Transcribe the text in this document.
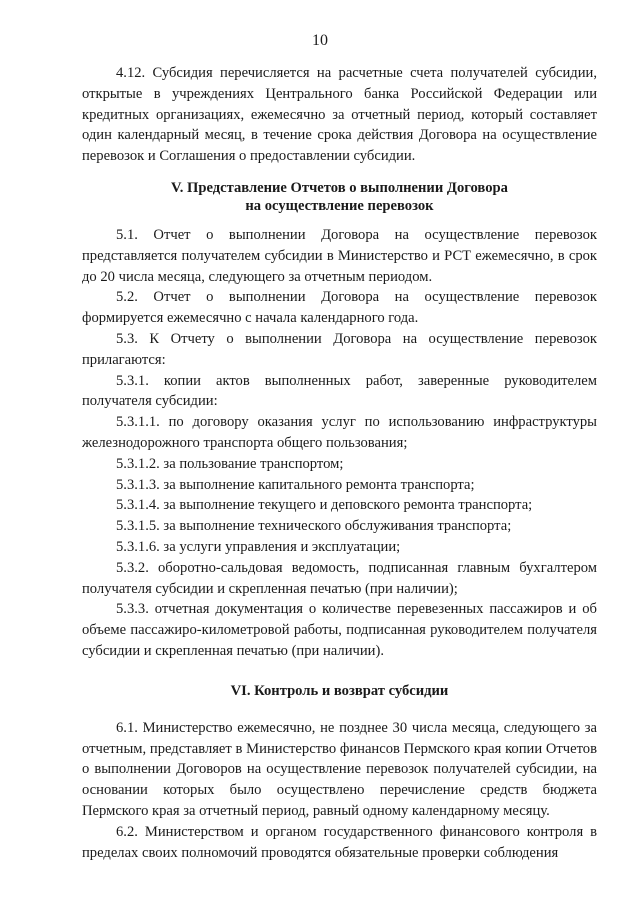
10

4.12. Субсидия перечисляется на расчетные счета получателей субсидии, открытые в учреждениях Центрального банка Российской Федерации или кредитных организациях, ежемесячно за отчетный период, который составляет один календарный месяц, в течение срока действия Договора на осуществление перевозок и Соглашения о предоставлении субсидии.

V. Представление Отчетов о выполнении Договора
на осуществление перевозок

5.1. Отчет о выполнении Договора на осуществление перевозок представляется получателем субсидии в Министерство и РСТ ежемесячно, в срок до 20 числа месяца, следующего за отчетным периодом.

5.2. Отчет о выполнении Договора на осуществление перевозок формируется ежемесячно с начала календарного года.

5.3. К Отчету о выполнении Договора на осуществление перевозок прилагаются:

5.3.1. копии актов выполненных работ, заверенные руководителем получателя субсидии:

5.3.1.1. по договору оказания услуг по использованию инфраструктуры железнодорожного транспорта общего пользования;

5.3.1.2. за пользование транспортом;

5.3.1.3. за выполнение капитального ремонта транспорта;

5.3.1.4. за выполнение текущего и деповского ремонта транспорта;

5.3.1.5. за выполнение технического обслуживания транспорта;

5.3.1.6. за услуги управления и эксплуатации;

5.3.2. оборотно-сальдовая ведомость, подписанная главным бухгалтером получателя субсидии и скрепленная печатью (при наличии);

5.3.3. отчетная документация о количестве перевезенных пассажиров и об объеме пассажиро-километровой работы, подписанная руководителем получателя субсидии и скрепленная печатью (при наличии).

VI. Контроль и возврат субсидии

6.1. Министерство ежемесячно, не позднее 30 числа месяца, следующего за отчетным, представляет в Министерство финансов Пермского края копии Отчетов о выполнении Договоров на осуществление перевозок получателей субсидии, на основании которых было осуществлено перечисление средств бюджета Пермского края за отчетный период, равный одному календарному месяцу.

6.2. Министерством и органом государственного финансового контроля в пределах своих полномочий проводятся обязательные проверки соблюдения
